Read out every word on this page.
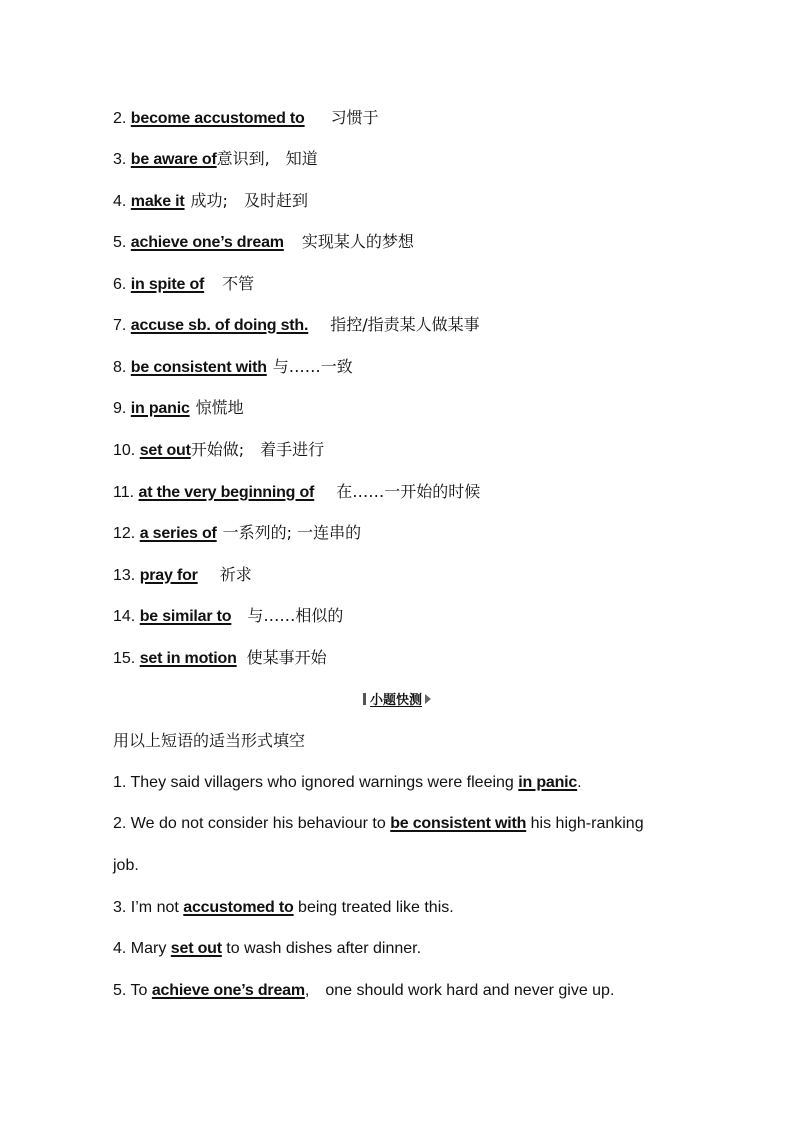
2. become accustomed to 习惯于
3. be aware of意识到,　知道
4. make it 成功;　及时赶到
5. achieve one’s dream 实现某人的梦想
6. in spite of 不管
7. accuse sb. of doing sth. 指控/指责某人做某事
8. be consistent with 与……一致
9. in panic 惊慌地
10. set out开始做;　着手进行
11. at the very beginning of 在……一开始的时候
12. a series of 一系列的; 一连串的
13. pray for 祈求
14. be similar to 与……相似的
15. set in motion 使某事开始
小题快测
用以上短语的适当形式填空
1. They said villagers who ignored warnings were fleeing in panic.
2. We do not consider his behaviour to be consistent with his high-ranking
job.
3. I’m not accustomed to being treated like this.
4. Mary set out to wash dishes after dinner.
5. To achieve one’s dream,　one should work hard and never give up.
